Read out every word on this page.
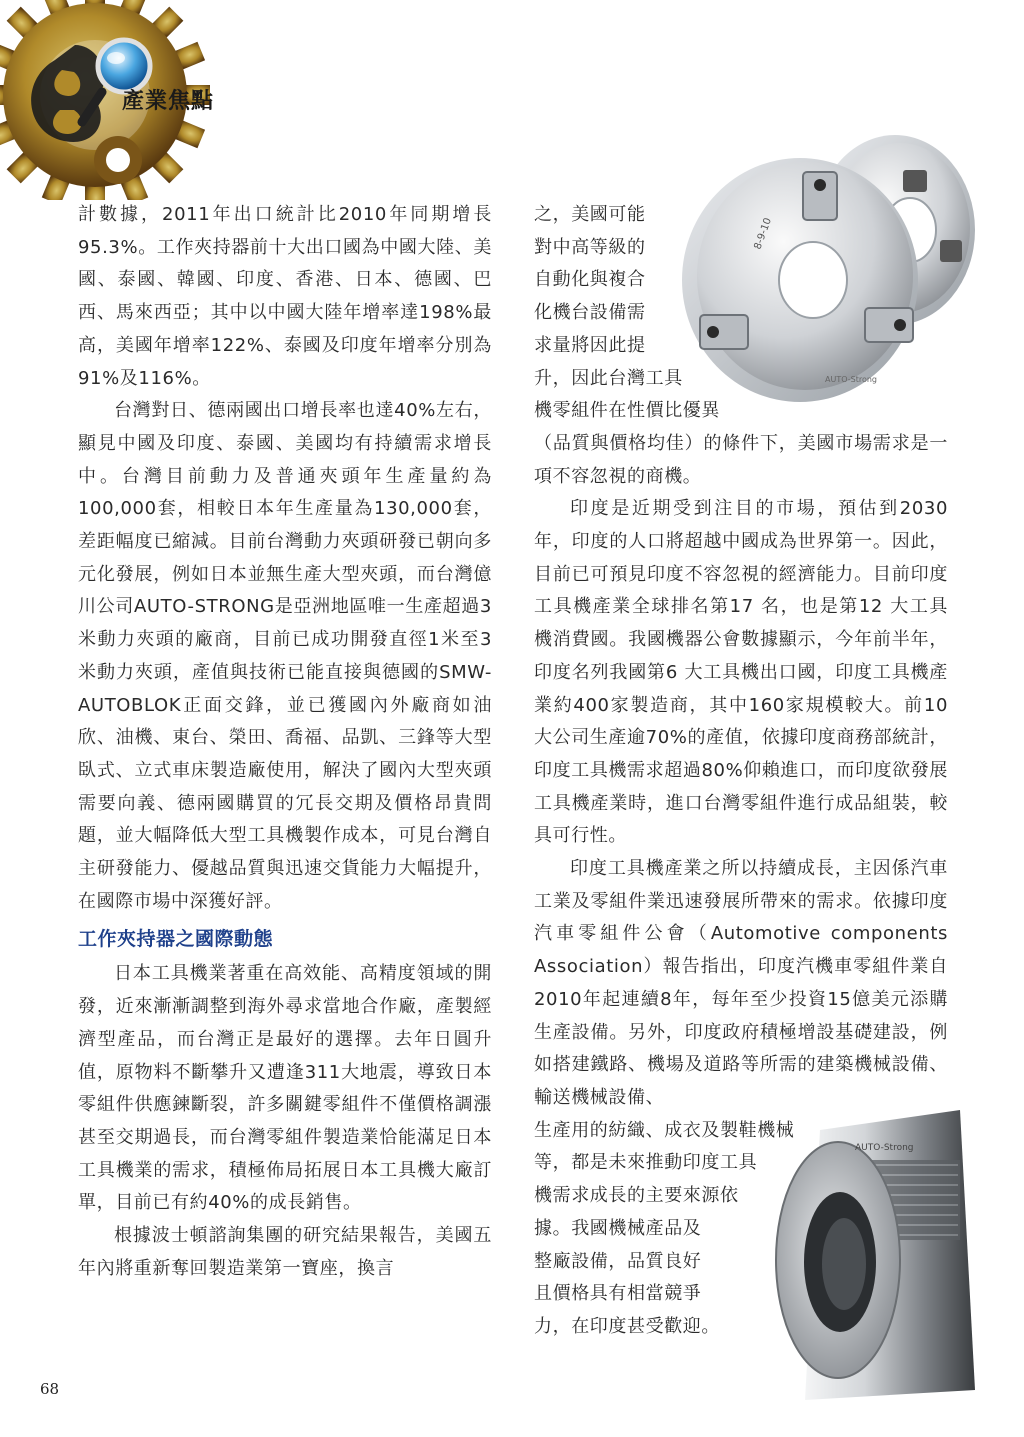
產業焦點

計數據，2011年出口統計比2010年同期增長95.3%。工作夾持器前十大出口國為中國大陸、美國、泰國、韓國、印度、香港、日本、德國、巴西、馬來西亞；其中以中國大陸年增率達198%最高，美國年增率122%、泰國及印度年增率分別為91%及116%。

台灣對日、德兩國出口增長率也達40%左右，顯見中國及印度、泰國、美國均有持續需求增長中。台灣目前動力及普通夾頭年生產量約為100,000套，相較日本年生產量為130,000套，差距幅度已縮減。目前台灣動力夾頭研發已朝向多元化發展，例如日本並無生產大型夾頭，而台灣億川公司AUTO-STRONG是亞洲地區唯一生產超過3米動力夾頭的廠商，目前已成功開發直徑1米至3米動力夾頭，產值與技術已能直接與德國的SMW-AUTOBLOK正面交鋒，並已獲國內外廠商如油欣、油機、東台、榮田、喬福、品凱、三鋒等大型臥式、立式車床製造廠使用，解決了國內大型夾頭需要向義、德兩國購買的冗長交期及價格昂貴問題，並大幅降低大型工具機製作成本，可見台灣自主研發能力、優越品質與迅速交貨能力大幅提升，在國際市場中深獲好評。

工作夾持器之國際動態

日本工具機業著重在高效能、高精度領域的開發，近來漸漸調整到海外尋求當地合作廠，產製經濟型產品，而台灣正是最好的選擇。去年日圓升值，原物料不斷攀升又遭逢311大地震，導致日本零組件供應鍊斷裂，許多關鍵零組件不僅價格調漲甚至交期過長，而台灣零組件製造業恰能滿足日本工具機業的需求，積極佈局拓展日本工具機大廠訂單，目前已有約40%的成長銷售。

根據波士頓諮詢集團的研究結果報告，美國五年內將重新奪回製造業第一寶座，換言

之，美國可能
對中高等級的
自動化與複合
化機台設備需
求量將因此提
升，因此台灣工具
機零組件在性價比優異

（品質與價格均佳）的條件下，美國市場需求是一項不容忽視的商機。

印度是近期受到注目的市場，預估到2030年，印度的人口將超越中國成為世界第一。因此，目前已可預見印度不容忽視的經濟能力。目前印度工具機產業全球排名第17 名，也是第12 大工具機消費國。我國機器公會數據顯示，今年前半年，印度名列我國第6 大工具機出口國，印度工具機產業約400家製造商，其中160家規模較大。前10 大公司生產逾70%的產值，依據印度商務部統計，印度工具機需求超過80%仰賴進口，而印度欲發展工具機產業時，進口台灣零組件進行成品組裝，較具可行性。

印度工具機產業之所以持續成長，主因係汽車工業及零組件業迅速發展所帶來的需求。依據印度汽車零組件公會（Automotive components Association）報告指出，印度汽機車零組件業自2010年起連續8年，每年至少投資15億美元添購生產設備。另外，印度政府積極增設基礎建設，例如搭建鐵路、機場及道路等所需的建築機械設備、輸送機械設備、

生產用的紡織、成衣及製鞋機械
等，都是未來推動印度工具
機需求成長的主要來源依
據。我國機械產品及
整廠設備，品質良好
且價格具有相當競爭
力，在印度甚受歡迎。
8-9-10
AUTO-Strong
AUTO-Strong
68
